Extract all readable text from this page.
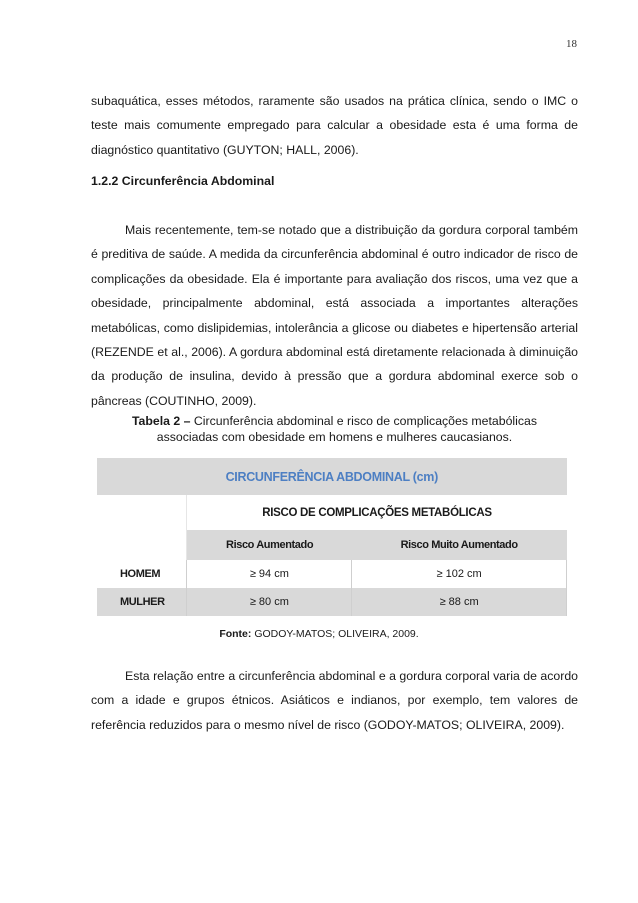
18

subaquática, esses métodos, raramente são usados na prática clínica, sendo o IMC o teste mais comumente empregado para calcular a obesidade esta é uma forma de diagnóstico quantitativo (GUYTON; HALL, 2006).

1.2.2 Circunferência Abdominal

Mais recentemente, tem-se notado que a distribuição da gordura corporal também é preditiva de saúde. A medida da circunferência abdominal é outro indicador de risco de complicações da obesidade. Ela é importante para avaliação dos riscos, uma vez que a obesidade, principalmente abdominal, está associada a importantes alterações metabólicas, como dislipidemias, intolerância a glicose ou diabetes e hipertensão arterial (REZENDE et al., 2006). A gordura abdominal está diretamente relacionada à diminuição da produção de insulina, devido à pressão que a gordura abdominal exerce sob o pâncreas (COUTINHO, 2009).

Tabela 2 – Circunferência abdominal e risco de complicações metabólicas
associadas com obesidade em homens e mulheres caucasianos.

CIRCUNFERÊNCIA ABDOMINAL (cm)		
	RISCO DE COMPLICAÇÕES METABÓLICAS	
	Risco Aumentado	Risco Muito Aumentado
HOMEM	≥ 94 cm	≥ 102 cm
MULHER	≥ 80 cm	≥ 88 cm

Fonte: GODOY-MATOS; OLIVEIRA, 2009.

Esta relação entre a circunferência abdominal e a gordura corporal varia de acordo com a idade e grupos étnicos. Asiáticos e indianos, por exemplo, tem valores de referência reduzidos para o mesmo nível de risco (GODOY-MATOS; OLIVEIRA, 2009).
